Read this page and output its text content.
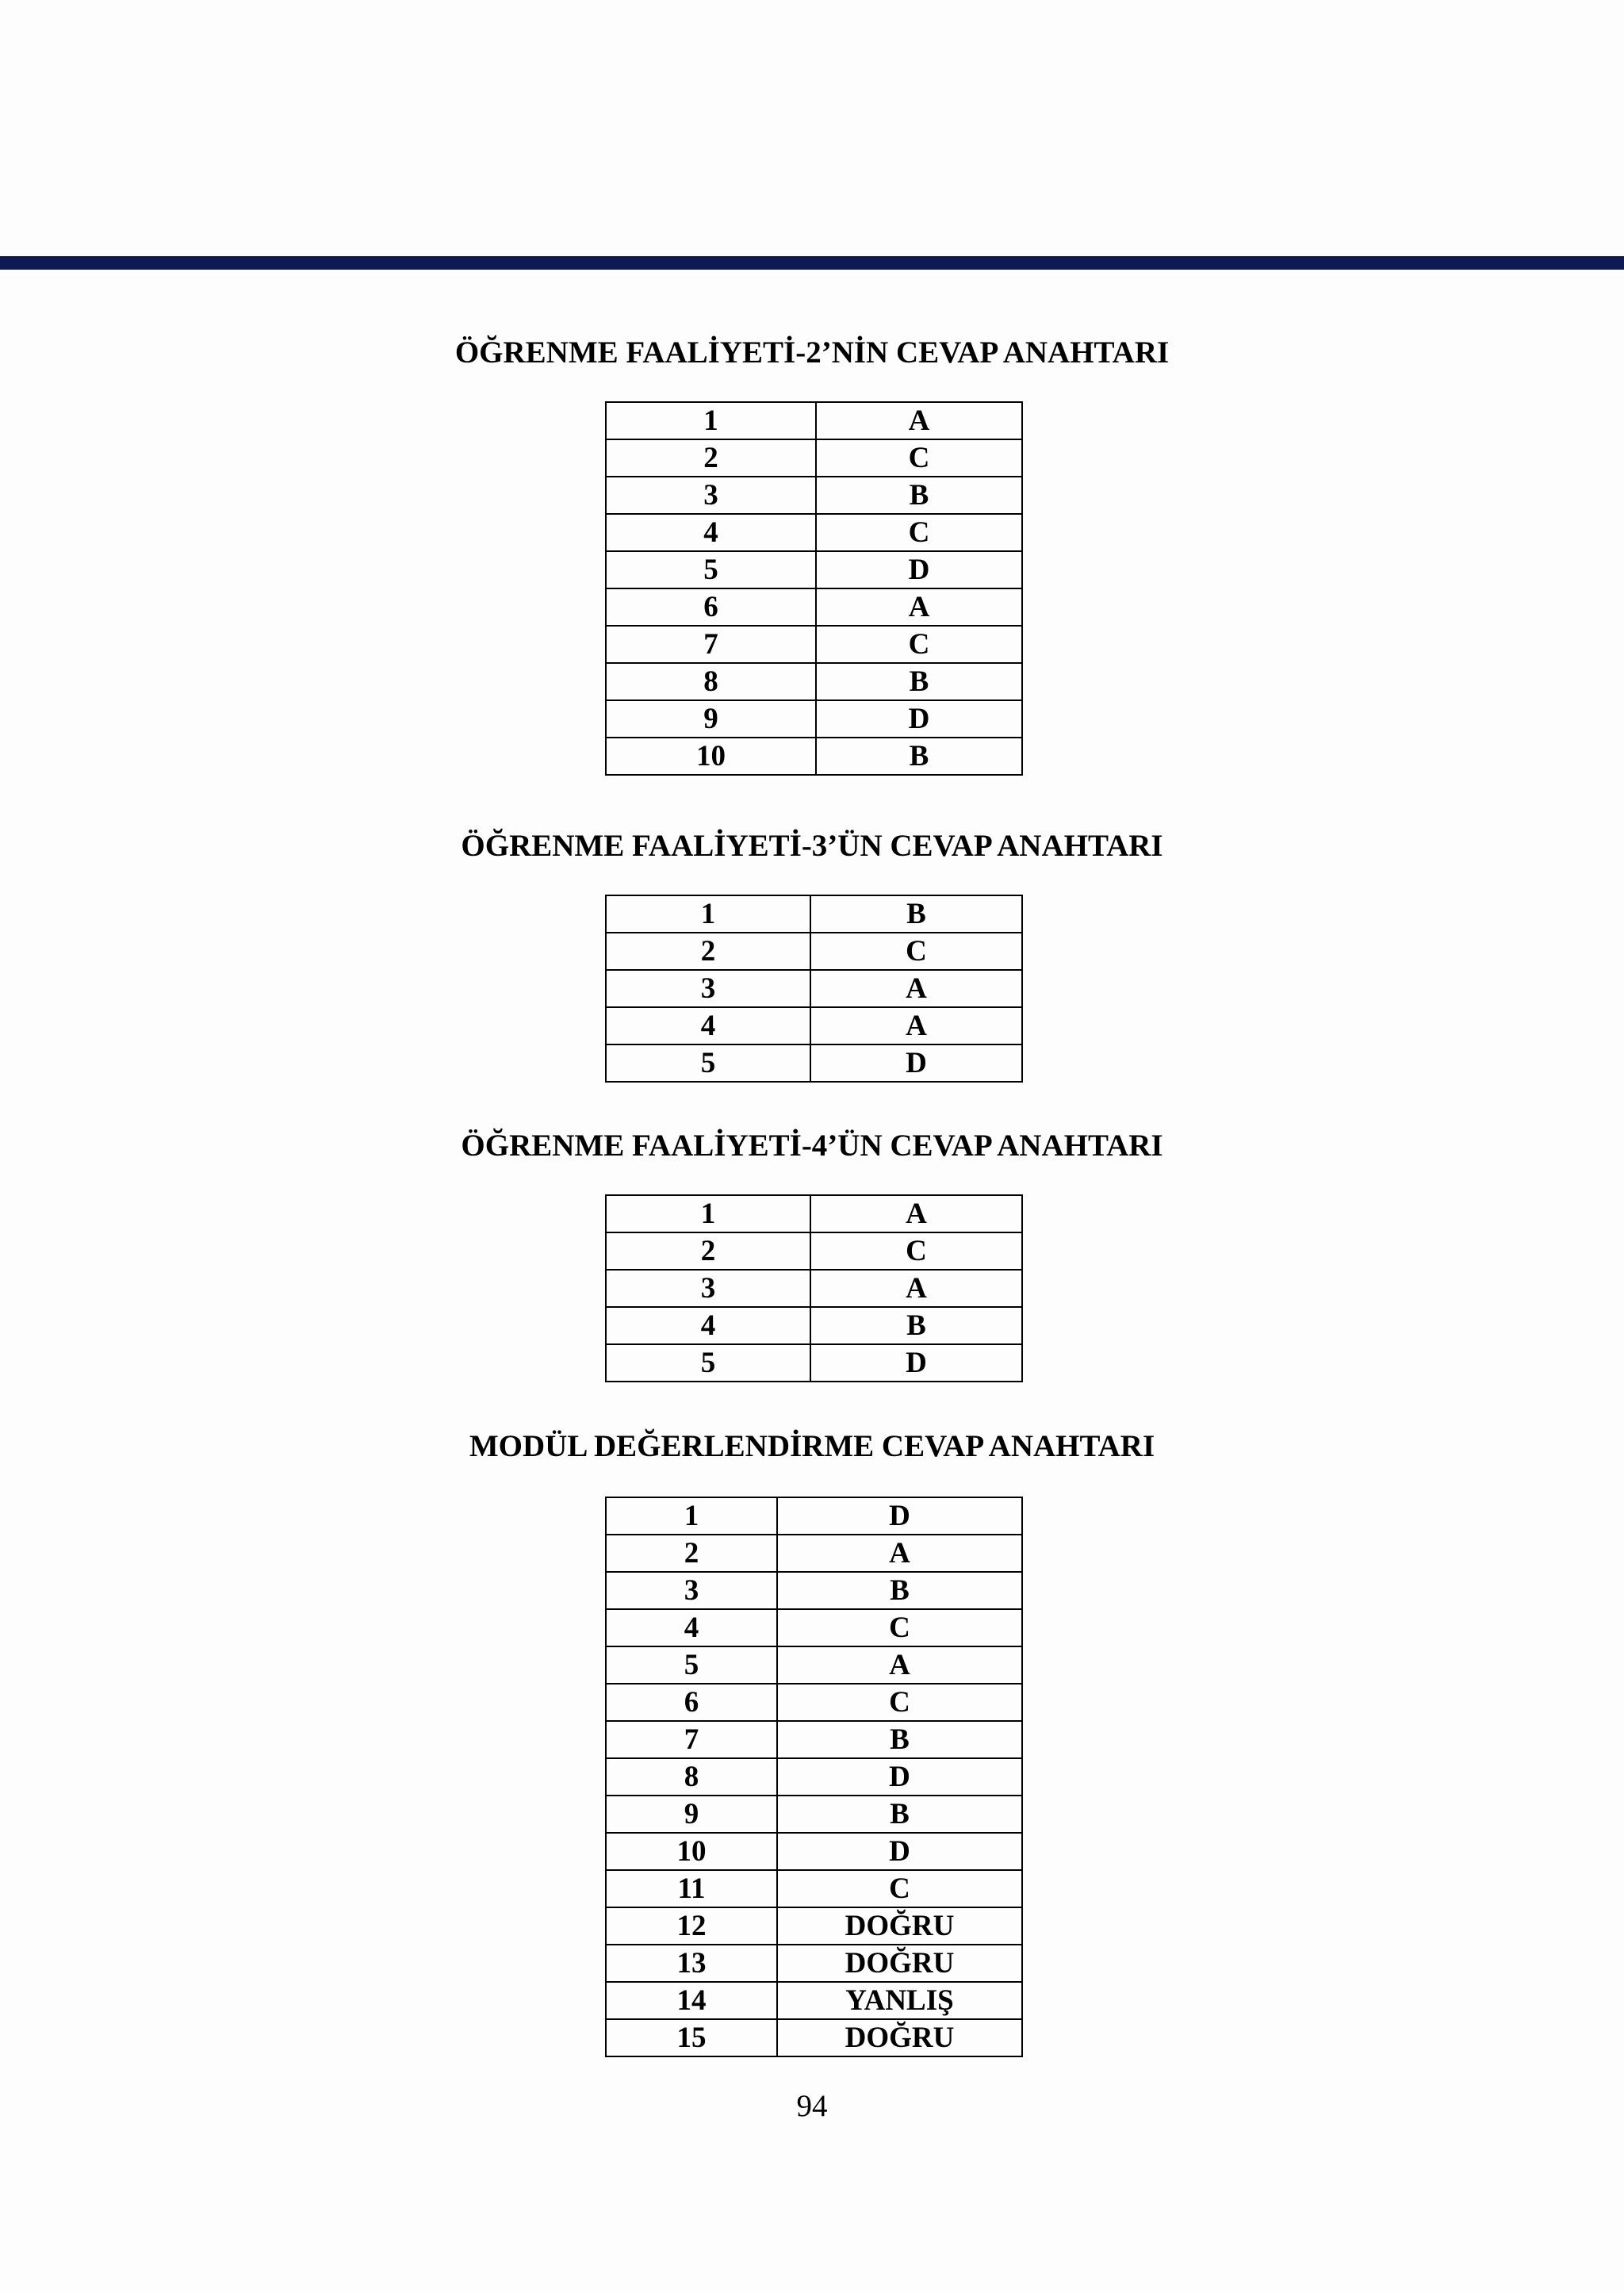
ÖĞRENME FAALİYETİ-2’NİN CEVAP ANAHTARI
1	A
2	C
3	B
4	C
5	D
6	A
7	C
8	B
9	D
10	B
ÖĞRENME FAALİYETİ-3’ÜN CEVAP ANAHTARI
1	B
2	C
3	A
4	A
5	D
ÖĞRENME FAALİYETİ-4’ÜN CEVAP ANAHTARI
1	A
2	C
3	A
4	B
5	D
MODÜL DEĞERLENDİRME CEVAP ANAHTARI
1	D
2	A
3	B
4	C
5	A
6	C
7	B
8	D
9	B
10	D
11	C
12	DOĞRU
13	DOĞRU
14	YANLIŞ
15	DOĞRU
94
